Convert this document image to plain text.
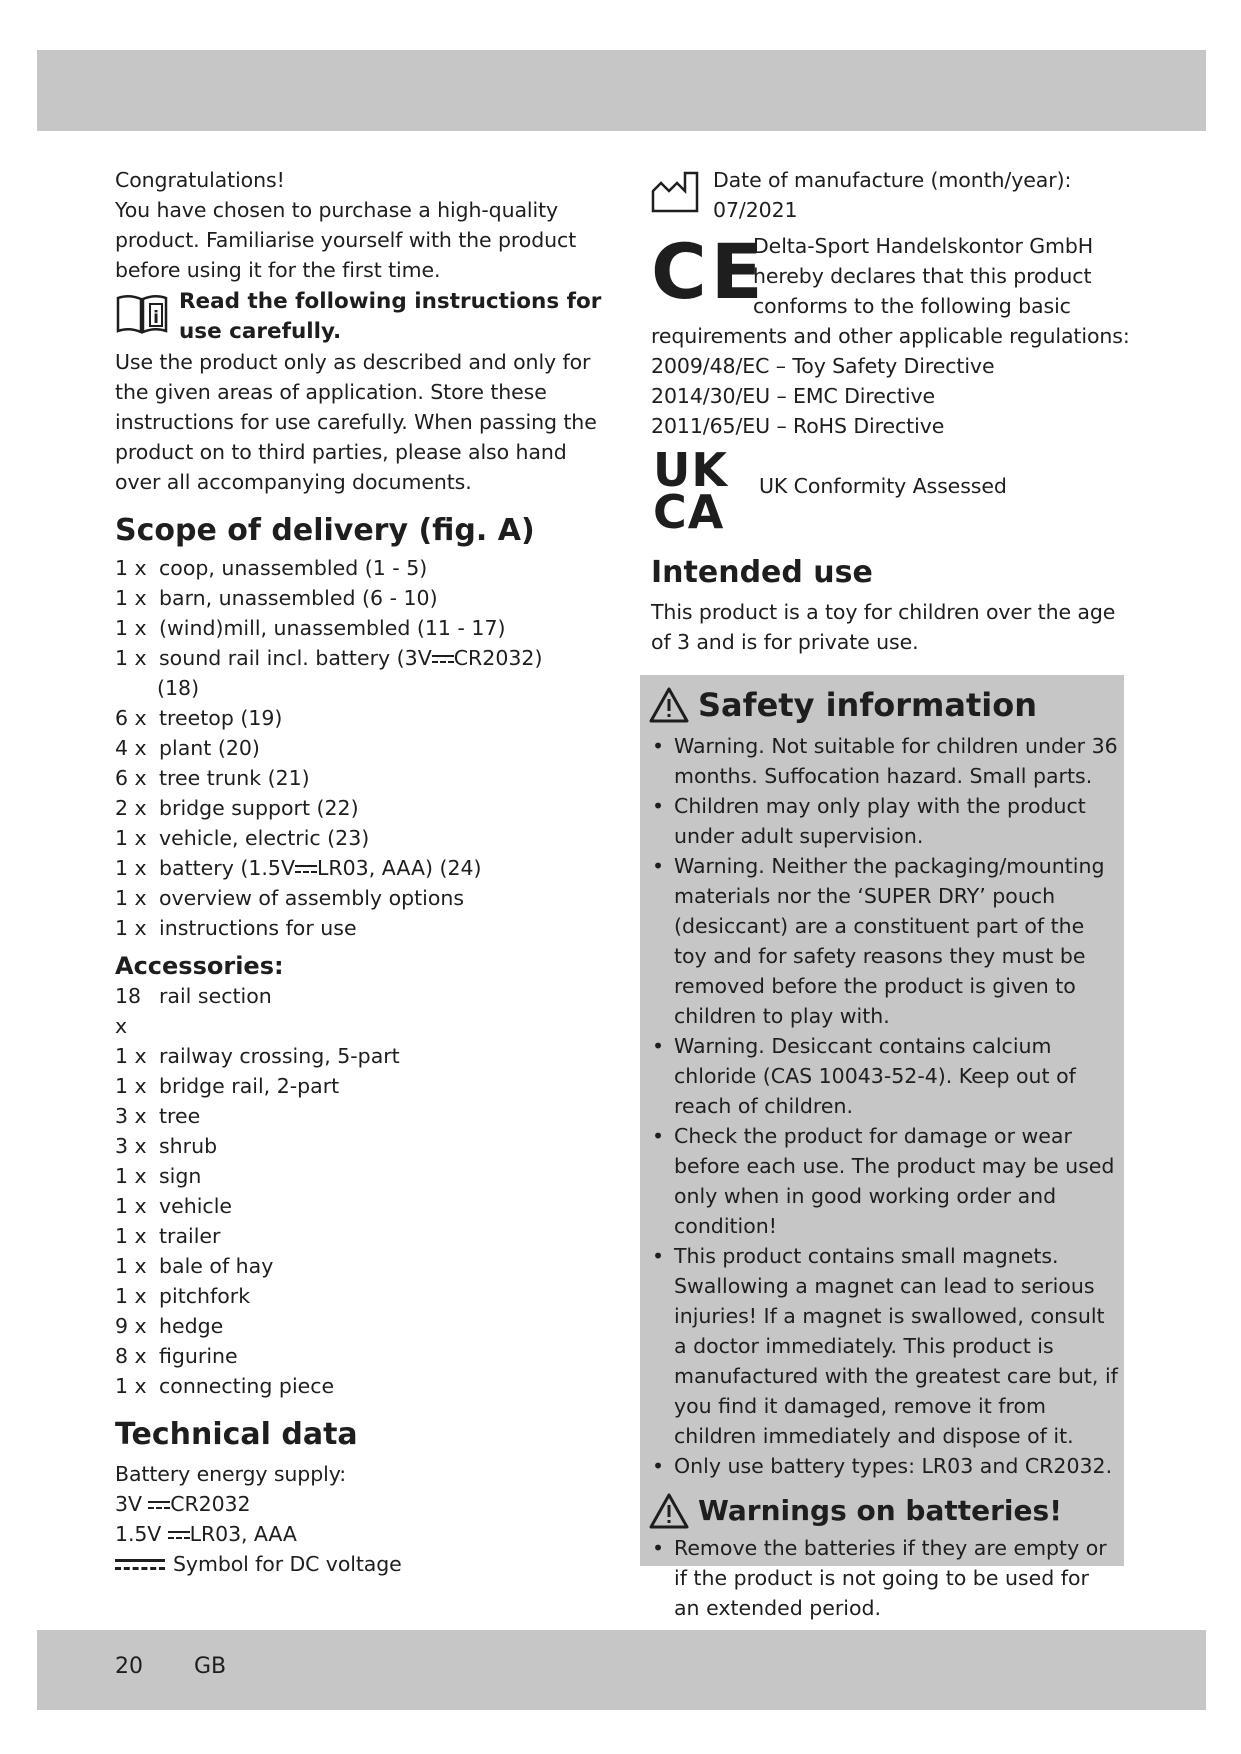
Congratulations!

You have chosen to purchase a high-quality product. Familiarise yourself with the product before using it for the first time.

i
Read the following instructions for use carefully.

Use the product only as described and only for the given areas of application. Store these instructions for use carefully. When passing the product on to third parties, please also hand over all accompanying documents.

Scope of delivery (fig. A)
1 x coop, unassembled (1 - 5)
1 x barn, unassembled (6 - 10)
1 x (wind)mill, unassembled (11 - 17)
1 x sound rail incl. battery (3V CR2032)
(18)
6 x treetop (19)
4 x plant (20)
6 x tree trunk (21)
2 x bridge support (22)
1 x vehicle, electric (23)
1 x battery (1.5V LR03, AAA) (24)
1 x overview of assembly options
1 x instructions for use
Accessories:
18 x
rail section
1 x railway crossing, 5-part
1 x bridge rail, 2-part
3 x tree
3 x shrub
1 x sign
1 x vehicle
1 x trailer
1 x bale of hay
1 x pitchfork
9 x hedge
8 x figurine
1 x connecting piece
Technical data

Battery energy supply:

3V CR2032

1.5V LR03, AAA

Symbol for DC voltage

Date of manufacture (month/year):

07/2021

CE

Delta-Sport Handelskontor GmbH

hereby declares that this product

conforms to the following basic

requirements and other applicable regulations:

2009/48/EC – Toy Safety Directive

2014/30/EU – EMC Directive

2011/65/EU – RoHS Directive

UK
CA UK Conformity Assessed

Intended use

This product is a toy for children over the age of 3 and is for private use.

Safety information
• Warning. Not suitable for children under 36 months. Suffocation hazard. Small parts.
• Children may only play with the product under adult supervision.
• Warning. Neither the packaging/mounting materials nor the ‘SUPER DRY’ pouch (desiccant) are a constituent part of the toy and for safety reasons they must be removed before the product is given to children to play with.
• Warning. Desiccant contains calcium chloride (CAS 10043-52-4). Keep out of reach of children.
• Check the product for damage or wear before each use. The product may be used only when in good working order and condition!
• This product contains small magnets. Swallowing a magnet can lead to serious injuries! If a magnet is swallowed, consult a doctor immediately. This product is manufactured with the greatest care but, if you find it damaged, remove it from children immediately and dispose of it.
• Only use battery types: LR03 and CR2032.
Warnings on batteries!
• Remove the batteries if they are empty or if the product is not going to be used for an extended period.
20 GB
